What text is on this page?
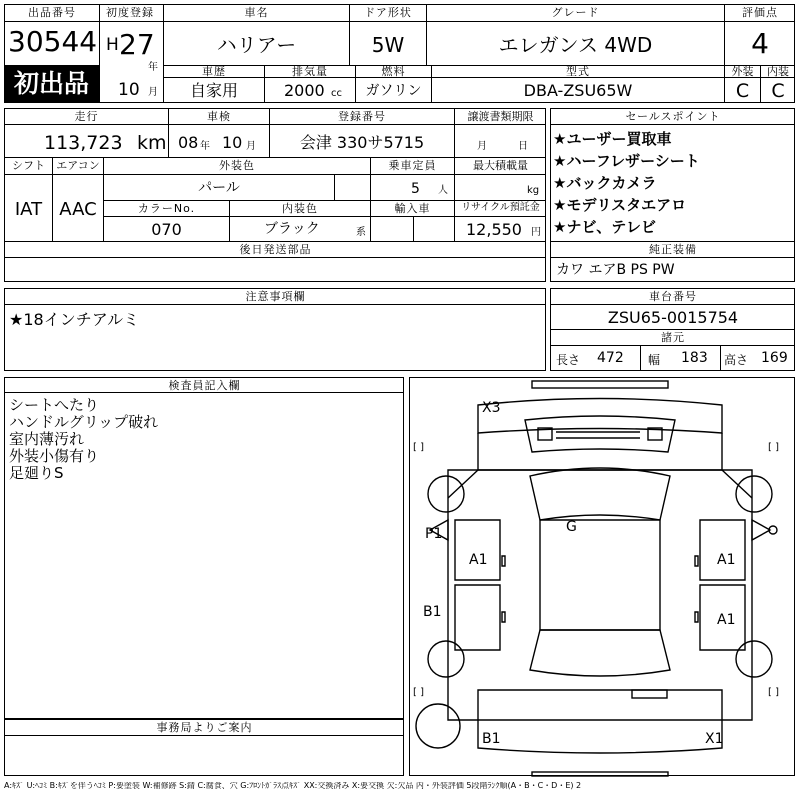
出品番号
30544
初出品
初度登録
H 27
年
10 月
車名
ハリアー
ドア形状
5W
グレード
エレガンス 4WD
評価点
4
車歴
自家用
排気量
2000 cc
燃料
ガソリン
型式
DBA-ZSU65W
外装	内装
C	C
走行
113,723 km
車検
08 年 10 月
登録番号
会津 330サ5715
譲渡書類期限
月	日
シフト
IAT
エアコン
AAC
外装色
パール
乗車定員
5 人
最大積載量
kg
カラーNo.
070
内装色
ブラック	系
輸入車	リサイクル預託金
12,550 円
後日発送部品
セールスポイント
★ユーザー買取車
★ハーフレザーシート
★バックカメラ
★モデリスタエアロ
★ナビ、テレビ
純正装備
カワ エアB PS PW
注意事項欄
★18インチアルミ
車台番号
ZSU65-0015754
諸元
長さ 472 幅 183 高さ 169
検査員記入欄
シートへたり
ハンドルグリップ破れ
室内薄汚れ
外装小傷有り
足廻りS
事務局よりご案内
X3
G
P1
A1	A1
B1	A1
B1	X1
[ ]	[ ]
[ ]	[ ]
A:ｷｽﾞ U:ﾍｺﾐ B:ｷｽﾞを伴うﾍｺﾐ P:要塗装 W:補修跡 S:錆 C:腐食、穴 G:ﾌﾛﾝﾄｶﾞﾗｽ点ｷｽﾞ XX:交換済み X:要交換 欠:欠品 内・外装評価 5段階ﾗﾝｸ順(A・B・C・D・E) 2
